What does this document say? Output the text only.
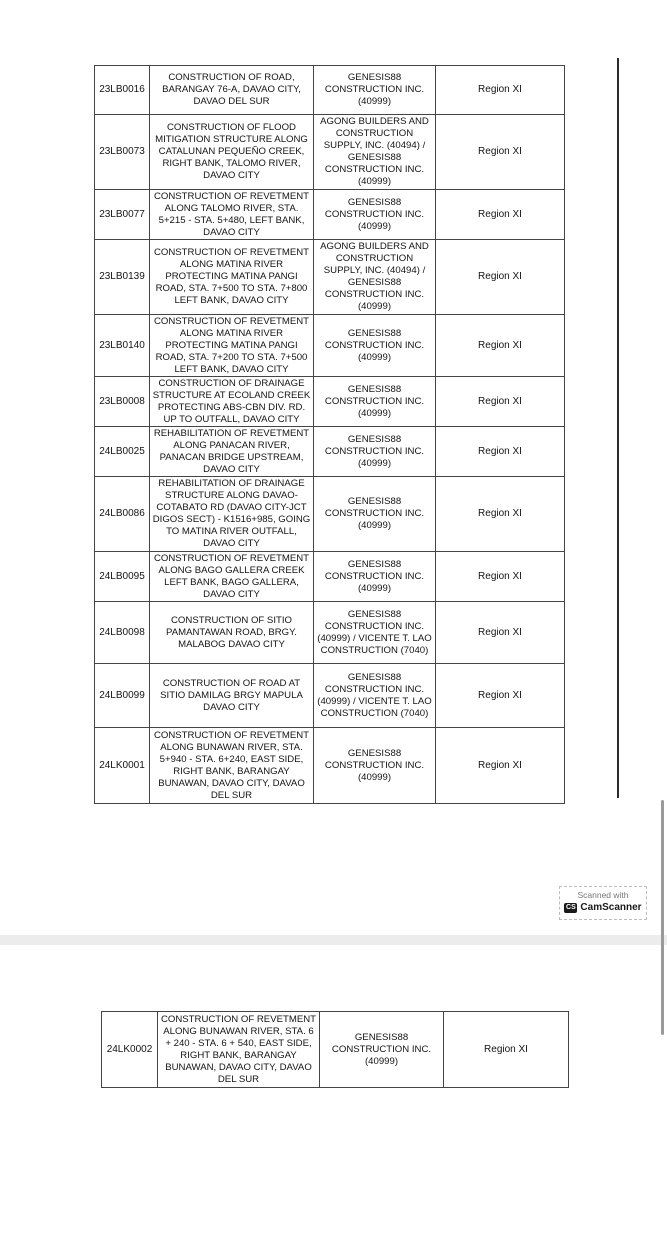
23LB0016	CONSTRUCTION OF ROAD, BARANGAY 76-A, DAVAO CITY, DAVAO DEL SUR	GENESIS88 CONSTRUCTION INC. (40999)	Region XI
23LB0073	CONSTRUCTION OF FLOOD MITIGATION STRUCTURE ALONG CATALUNAN PEQUEÑO CREEK, RIGHT BANK, TALOMO RIVER, DAVAO CITY	AGONG BUILDERS AND CONSTRUCTION SUPPLY, INC. (40494) / GENESIS88 CONSTRUCTION INC. (40999)	Region XI
23LB0077	CONSTRUCTION OF REVETMENT ALONG TALOMO RIVER, STA. 5+215 - STA. 5+480, LEFT BANK, DAVAO CITY	GENESIS88 CONSTRUCTION INC. (40999)	Region XI
23LB0139	CONSTRUCTION OF REVETMENT ALONG MATINA RIVER PROTECTING MATINA PANGI ROAD, STA. 7+500 TO STA. 7+800 LEFT BANK, DAVAO CITY	AGONG BUILDERS AND CONSTRUCTION SUPPLY, INC. (40494) / GENESIS88 CONSTRUCTION INC. (40999)	Region XI
23LB0140	CONSTRUCTION OF REVETMENT ALONG MATINA RIVER PROTECTING MATINA PANGI ROAD, STA. 7+200 TO STA. 7+500 LEFT BANK, DAVAO CITY	GENESIS88 CONSTRUCTION INC. (40999)	Region XI
23LB0008	CONSTRUCTION OF DRAINAGE STRUCTURE AT ECOLAND CREEK PROTECTING ABS-CBN DIV. RD. UP TO OUTFALL, DAVAO CITY	GENESIS88 CONSTRUCTION INC. (40999)	Region XI
24LB0025	REHABILITATION OF REVETMENT ALONG PANACAN RIVER, PANACAN BRIDGE UPSTREAM, DAVAO CITY	GENESIS88 CONSTRUCTION INC. (40999)	Region XI
24LB0086	REHABILITATION OF DRAINAGE STRUCTURE ALONG DAVAO-COTABATO RD (DAVAO CITY-JCT DIGOS SECT) - K1516+985, GOING TO MATINA RIVER OUTFALL, DAVAO CITY	GENESIS88 CONSTRUCTION INC. (40999)	Region XI
24LB0095	CONSTRUCTION OF REVETMENT ALONG BAGO GALLERA CREEK LEFT BANK, BAGO GALLERA, DAVAO CITY	GENESIS88 CONSTRUCTION INC. (40999)	Region XI
24LB0098	CONSTRUCTION OF SITIO PAMANTAWAN ROAD, BRGY. MALABOG DAVAO CITY	GENESIS88 CONSTRUCTION INC. (40999) / VICENTE T. LAO CONSTRUCTION (7040)	Region XI
24LB0099	CONSTRUCTION OF ROAD AT SITIO DAMILAG BRGY MAPULA DAVAO CITY	GENESIS88 CONSTRUCTION INC. (40999) / VICENTE T. LAO CONSTRUCTION (7040)	Region XI
24LK0001	CONSTRUCTION OF REVETMENT ALONG BUNAWAN RIVER, STA. 5+940 - STA. 6+240, EAST SIDE, RIGHT BANK, BARANGAY BUNAWAN, DAVAO CITY, DAVAO DEL SUR	GENESIS88 CONSTRUCTION INC. (40999)	Region XI
Scanned with
CS CamScanner
24LK0002	CONSTRUCTION OF REVETMENT ALONG BUNAWAN RIVER, STA. 6 + 240 - STA. 6 + 540, EAST SIDE, RIGHT BANK, BARANGAY BUNAWAN, DAVAO CITY, DAVAO DEL SUR	GENESIS88 CONSTRUCTION INC. (40999)	Region XI
